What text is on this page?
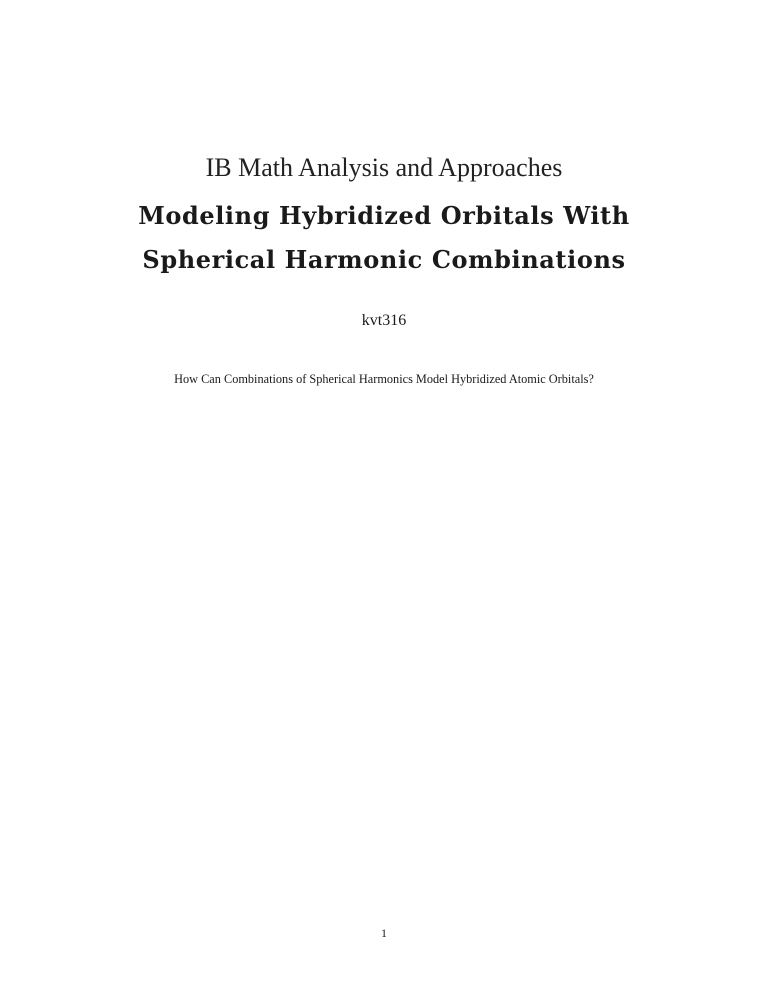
IB Math Analysis and Approaches
Modeling Hybridized Orbitals With
Spherical Harmonic Combinations
kvt316
How Can Combinations of Spherical Harmonics Model Hybridized Atomic Orbitals?
1
